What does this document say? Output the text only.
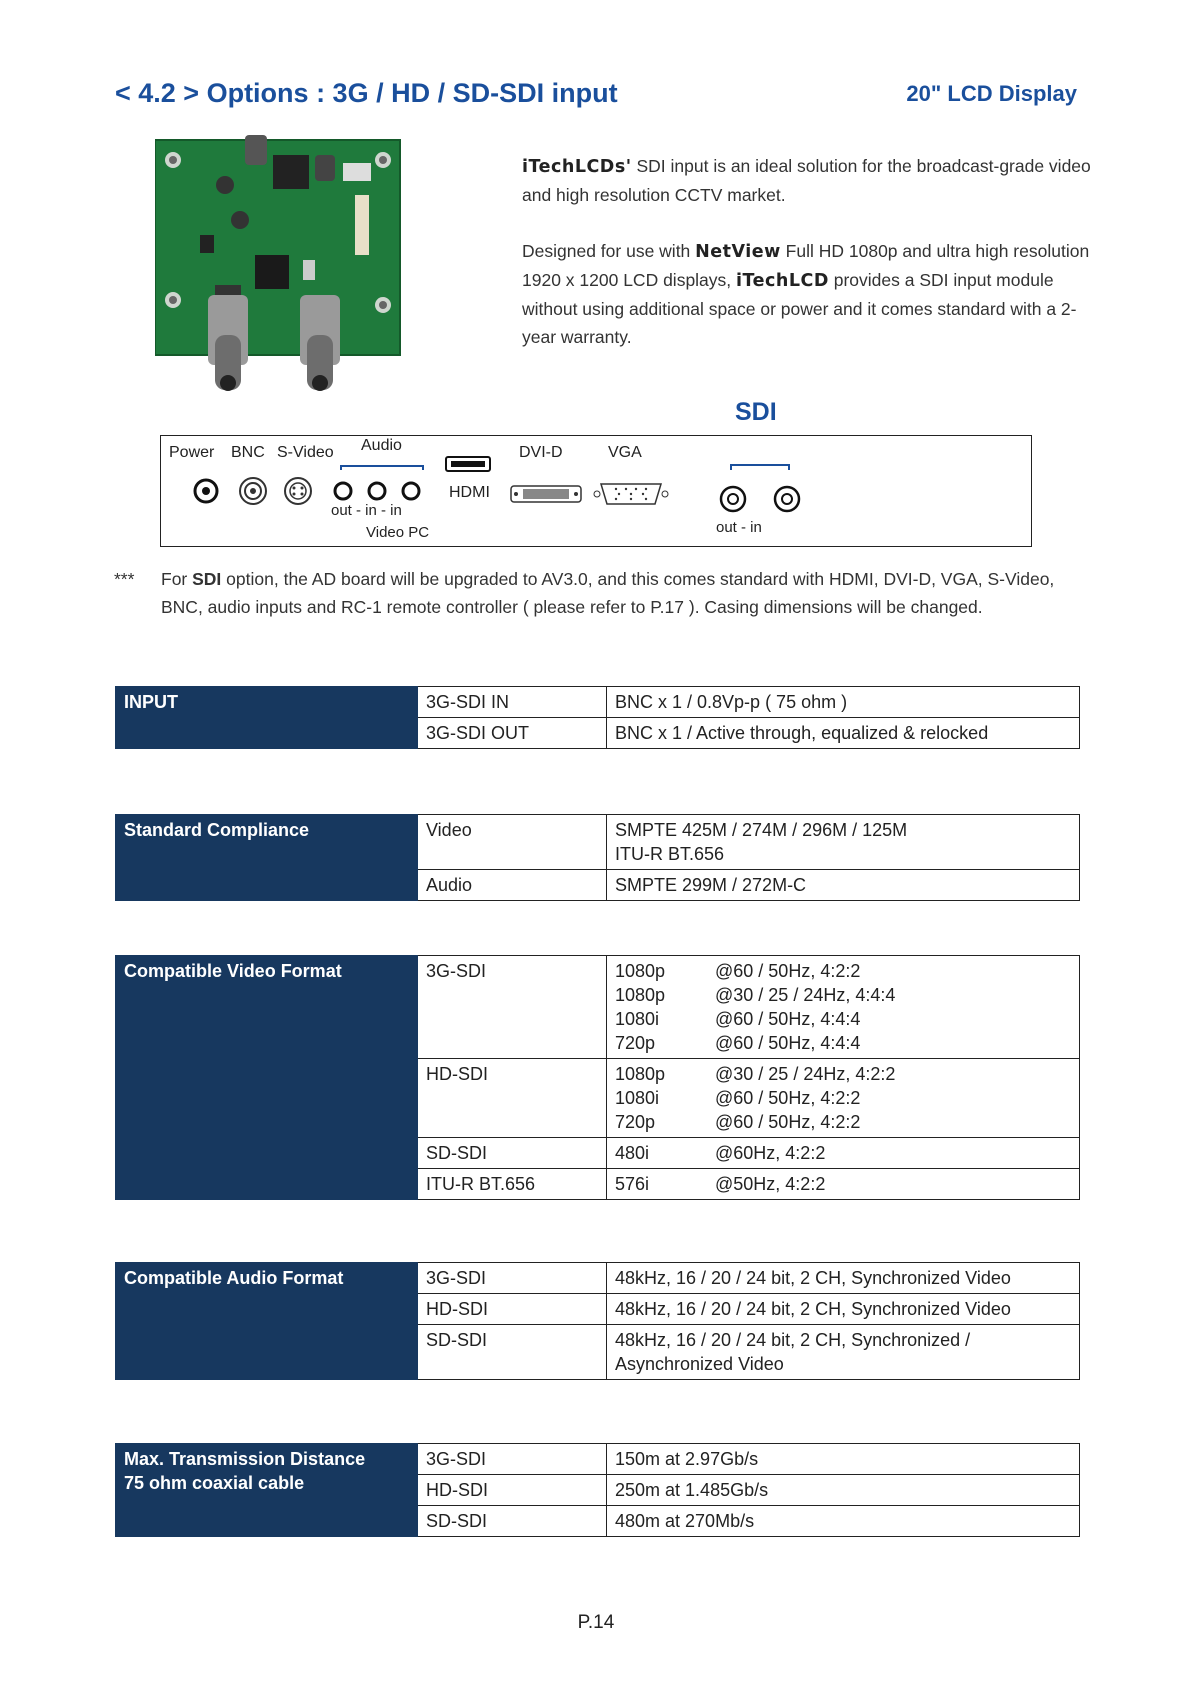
< 4.2 > Options : 3G / HD / SD-SDI input	20" LCD Display

iTechLCDs' SDI input is an ideal solution for the broadcast-grade video and high resolution CCTV market.

Designed for use with NetView Full HD 1080p and ultra high resolution 1920 x 1200 LCD displays, iTechLCD provides a SDI input module without using additional space or power and it comes standard with a 2-year warranty.

SDI
Power BNC S-Video Audio
HDMI
DVI-D	VGA
out - in - in
Video PC	out - in
*** For SDI option, the AD board will be upgraded to AV3.0, and this comes standard with HDMI, DVI-D, VGA, S-Video, BNC, audio inputs and RC-1 remote controller ( please refer to P.17 ). Casing dimensions will be changed.
INPUT	3G-SDI IN	BNC x 1 / 0.8Vp-p ( 75 ohm )
	3G-SDI OUT	BNC x 1 / Active through, equalized & relocked
Standard Compliance	Video	SMPTE 425M / 274M / 296M / 125M
ITU-R BT.656

	Audio	SMPTE 299M / 272M-C
Compatible Video Format	3G-SDI	1080p @60 / 50Hz, 4:2:2
1080p @30 / 25 / 24Hz, 4:4:4
1080i @60 / 50Hz, 4:4:4
720p @60 / 50Hz, 4:4:4

	HD-SDI	1080p @30 / 25 / 24Hz, 4:2:2
1080i @60 / 50Hz, 4:2:2
720p @60 / 50Hz, 4:2:2

	SD-SDI	480i @60Hz, 4:2:2

	ITU-R BT.656	576i @50Hz, 4:2:2
Compatible Audio Format	3G-SDI	48kHz, 16 / 20 / 24 bit, 2 CH, Synchronized Video
	HD-SDI	48kHz, 16 / 20 / 24 bit, 2 CH, Synchronized Video
	SD-SDI	48kHz, 16 / 20 / 24 bit, 2 CH, Synchronized /
Asynchronized Video
Max. Transmission Distance
75 ohm coaxial cable	3G-SDI	150m at 2.97Gb/s
	HD-SDI	250m at 1.485Gb/s
	SD-SDI	480m at 270Mb/s
P.14
